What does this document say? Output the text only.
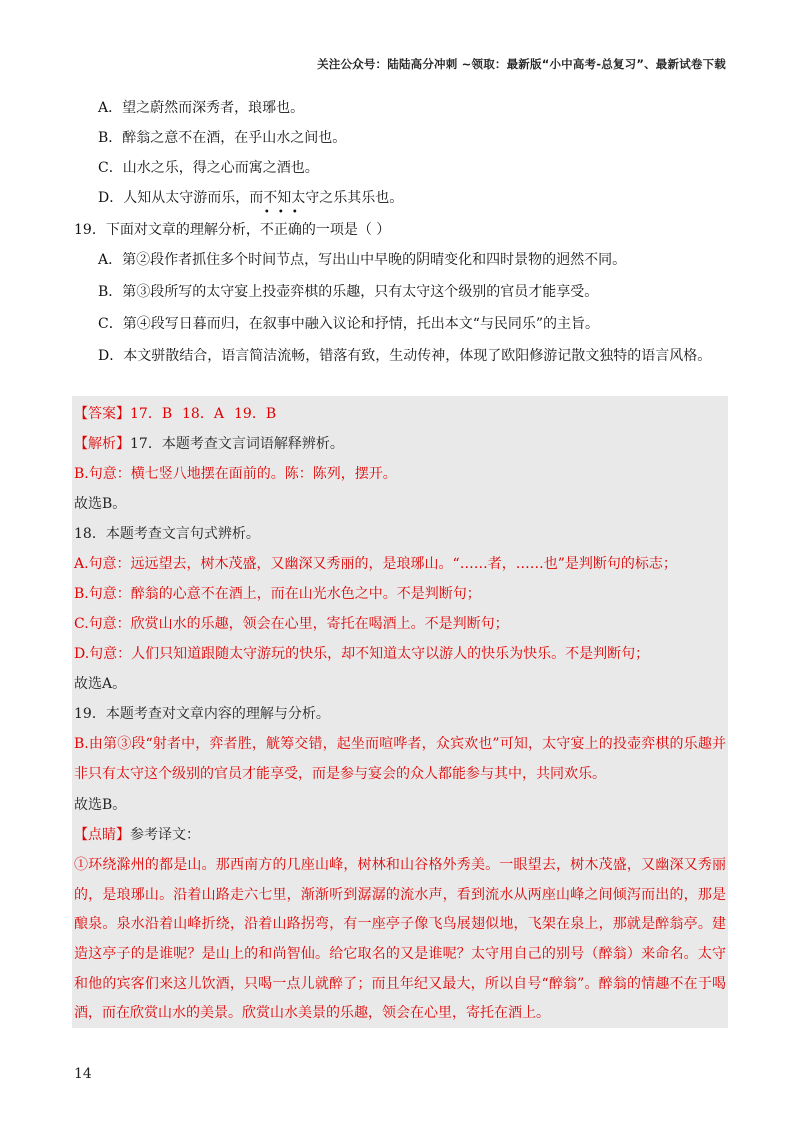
关注公众号：陆陆高分冲刺 ~领取：最新版“小中高考-总复习”、最新试卷下载

A．望之蔚然而深秀者，琅琊也。

B．醉翁之意不在酒，在乎山水之间也。

C．山水之乐，得之心而寓之酒也。

D．人知从太守游而乐，而不知太守之乐其乐也。

19．下面对文章的理解分析，不正确的一项是（ ）

A．第②段作者抓住多个时间节点，写出山中早晚的阴晴变化和四时景物的迥然不同。

B．第③段所写的太守宴上投壶弈棋的乐趣，只有太守这个级别的官员才能享受。

C．第④段写日暮而归，在叙事中融入议论和抒情，托出本文“与民同乐”的主旨。

D．本文骈散结合，语言简洁流畅，错落有致，生动传神，体现了欧阳修游记散文独特的语言风格。

【答案】 17．B 18．A 19．B
【解析】 17．本题考查文言词语解释辨析。
B.句意：横七竖八地摆在面前的。陈：陈列，摆开。
故选B。
18．本题考查文言句式辨析。
A.句意：远远望去，树木茂盛，又幽深又秀丽的，是琅琊山。“……者，……也”是判断句的标志；
B.句意：醉翁的心意不在酒上，而在山光水色之中。不是判断句；
C.句意：欣赏山水的乐趣，领会在心里，寄托在喝酒上。不是判断句；
D.句意：人们只知道跟随太守游玩的快乐，却不知道太守以游人的快乐为快乐。不是判断句；
故选A。
19．本题考查对文章内容的理解与分析。

B.由第③段“射者中，弈者胜，觥筹交错，起坐而喧哗者，众宾欢也”可知，太守宴上的投壶弈棋的乐趣并非只有太守这个级别的官员才能享受，而是参与宴会的众人都能参与其中，共同欢乐。

故选B。
【点睛】 参考译文：

①环绕滁州的都是山。那西南方的几座山峰，树林和山谷格外秀美。一眼望去，树木茂盛，又幽深又秀丽的，是琅琊山。沿着山路走六七里，渐渐听到潺潺的流水声，看到流水从两座山峰之间倾泻而出的，那是酿泉。泉水沿着山峰折绕，沿着山路拐弯，有一座亭子像飞鸟展翅似地，飞架在泉上，那就是醉翁亭。建造这亭子的是谁呢？是山上的和尚智仙。给它取名的又是谁呢？太守用自己的别号（醉翁）来命名。太守和他的宾客们来这儿饮酒，只喝一点儿就醉了；而且年纪又最大，所以自号“醉翁”。醉翁的情趣不在于喝酒，而在欣赏山水的美景。欣赏山水美景的乐趣，领会在心里，寄托在酒上。

14
